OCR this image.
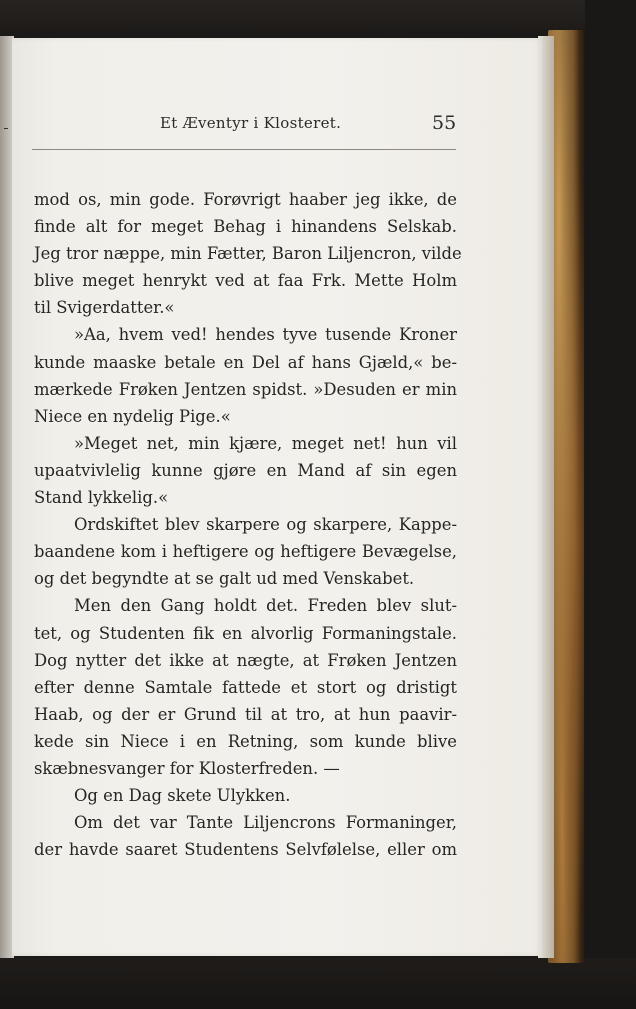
Et Æventyr i Klosteret.	55
mod os, min gode. Forøvrigt haaber jeg ikke, de
finde alt for meget Behag i hinandens Selskab.
Jeg tror næppe, min Fætter, Baron Liljencron, vilde
blive meget henrykt ved at faa Frk. Mette Holm
til Svigerdatter.«
»Aa, hvem ved! hendes tyve tusende Kroner
kunde maaske betale en Del af hans Gjæld,« be-
mærkede Frøken Jentzen spidst. »Desuden er min
Niece en nydelig Pige.«
»Meget net, min kjære, meget net! hun vil
upaatvivlelig kunne gjøre en Mand af sin egen
Stand lykkelig.«
Ordskiftet blev skarpere og skarpere, Kappe-
baandene kom i heftigere og heftigere Bevægelse,
og det begyndte at se galt ud med Venskabet.
Men den Gang holdt det. Freden blev slut-
tet, og Studenten fik en alvorlig Formaningstale.
Dog nytter det ikke at nægte, at Frøken Jentzen
efter denne Samtale fattede et stort og dristigt
Haab, og der er Grund til at tro, at hun paavir-
kede sin Niece i en Retning, som kunde blive
skæbnesvanger for Klosterfreden. —
Og en Dag skete Ulykken.
Om det var Tante Liljencrons Formaninger,
der havde saaret Studentens Selvfølelse, eller om
